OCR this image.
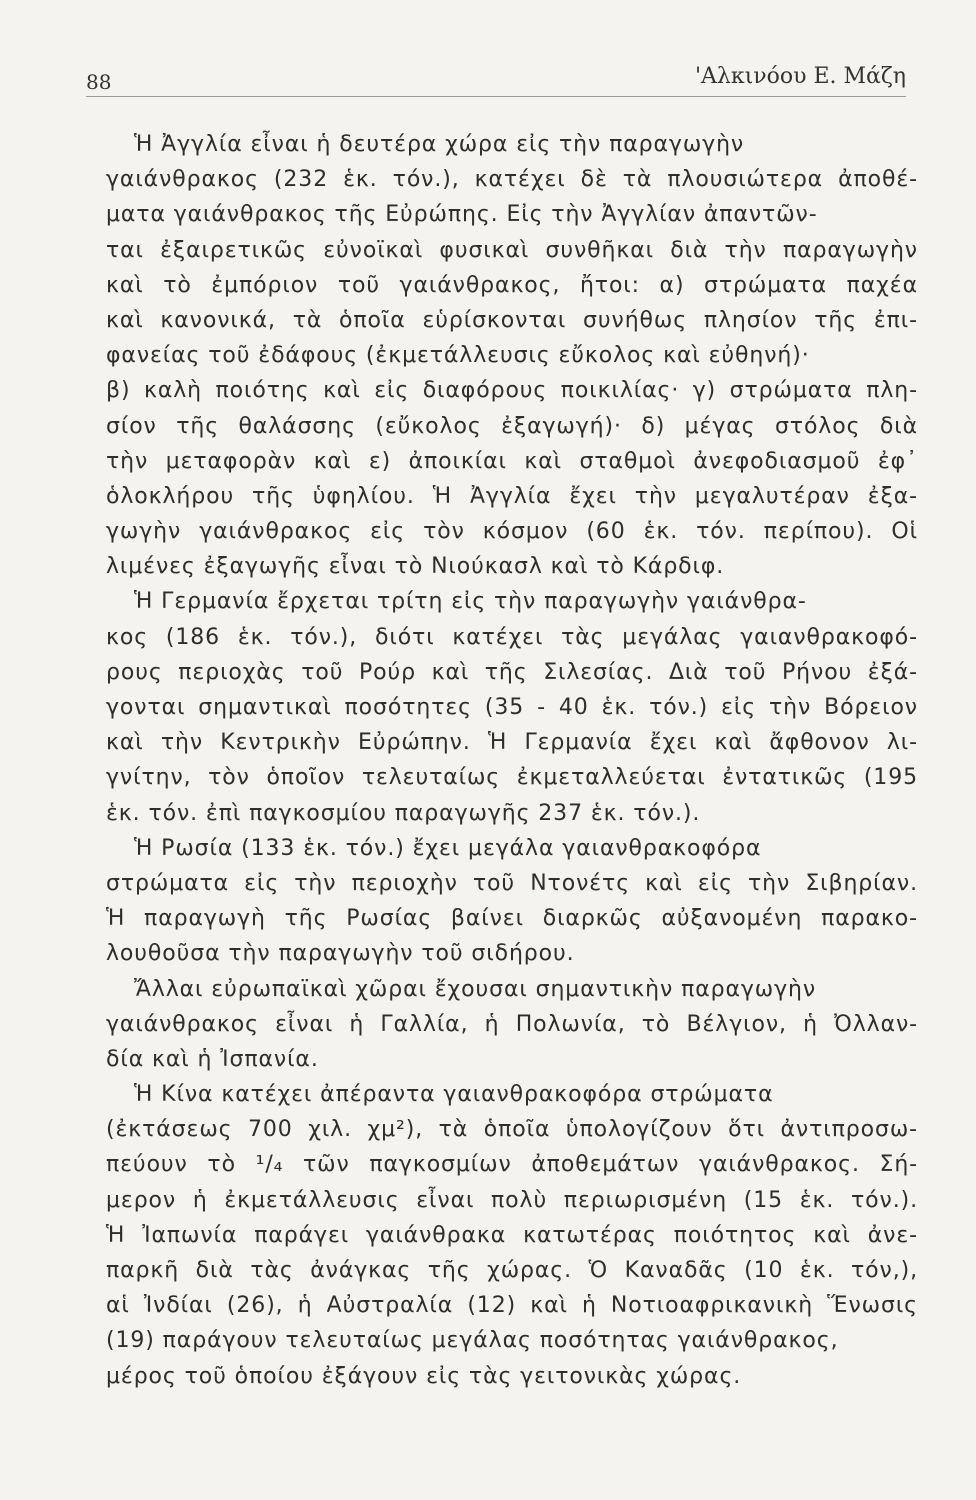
88	'Αλκινόου Ε. Μάζη
Ἡ Ἀγγλία εἶναι ἡ δευτέρα χώρα εἰς τὴν παραγωγὴν
γαιάνθρακος (232 ἑκ. τόν.), κατέχει δὲ τὰ πλουσιώτερα ἀποθέ-
ματα γαιάνθρακος τῆς Εὐρώπης. Εἰς τὴν Ἀγγλίαν ἀπαντῶν-
ται ἐξαιρετικῶς εὐνοϊκαὶ φυσικαὶ συνθῆκαι διὰ τὴν παραγωγὴν
καὶ τὸ ἐμπόριον τοῦ γαιάνθρακος, ἤτοι: α) στρώματα παχέα
καὶ κανονικά, τὰ ὁποῖα εὑρίσκονται συνήθως πλησίον τῆς ἐπι-
φανείας τοῦ ἐδάφους (ἐκμετάλλευσις εὔκολος καὶ εὐθηνή)·
β) καλὴ ποιότης καὶ εἰς διαφόρους ποικιλίας· γ) στρώματα πλη-
σίον τῆς θαλάσσης (εὔκολος ἐξαγωγή)· δ) μέγας στόλος διὰ
τὴν μεταφορὰν καὶ ε) ἀποικίαι καὶ σταθμοὶ ἀνεφοδιασμοῦ ἐφ᾿
ὁλοκλήρου τῆς ὑφηλίου. Ἡ Ἀγγλία ἔχει τὴν μεγαλυτέραν ἐξα-
γωγὴν γαιάνθρακος εἰς τὸν κόσμον (60 ἑκ. τόν. περίπου). Οἱ
λιμένες ἐξαγωγῆς εἶναι τὸ Νιούκασλ καὶ τὸ Κάρδιφ.
Ἡ Γερμανία ἔρχεται τρίτη εἰς τὴν παραγωγὴν γαιάνθρα-
κος (186 ἑκ. τόν.), διότι κατέχει τὰς μεγάλας γαιανθρακοφό-
ρους περιοχὰς τοῦ Ρούρ καὶ τῆς Σιλεσίας. Διὰ τοῦ Ρήνου ἐξά-
γονται σημαντικαὶ ποσότητες (35 - 40 ἑκ. τόν.) εἰς τὴν Βόρειον
καὶ τὴν Κεντρικὴν Εὐρώπην. Ἡ Γερμανία ἔχει καὶ ἄφθονον λι-
γνίτην, τὸν ὁποῖον τελευταίως ἐκμεταλλεύεται ἐντατικῶς (195
ἑκ. τόν. ἐπὶ παγκοσμίου παραγωγῆς 237 ἑκ. τόν.).
Ἡ Ρωσία (133 ἑκ. τόν.) ἔχει μεγάλα γαιανθρακοφόρα
στρώματα εἰς τὴν περιοχὴν τοῦ Ντονέτς καὶ εἰς τὴν Σιβηρίαν.
Ἡ παραγωγὴ τῆς Ρωσίας βαίνει διαρκῶς αὐξανομένη παρακο-
λουθοῦσα τὴν παραγωγὴν τοῦ σιδήρου.
Ἄλλαι εὐρωπαϊκαὶ χῶραι ἔχουσαι σημαντικὴν παραγωγὴν
γαιάνθρακος εἶναι ἡ Γαλλία, ἡ Πολωνία, τὸ Βέλγιον, ἡ Ὀλλαν-
δία καὶ ἡ Ἰσπανία.
Ἡ Κίνα κατέχει ἀπέραντα γαιανθρακοφόρα στρώματα
(ἐκτάσεως 700 χιλ. χμ²), τὰ ὁποῖα ὑπολογίζουν ὅτι ἀντιπροσω-
πεύουν τὸ ¹/₄ τῶν παγκοσμίων ἀποθεμάτων γαιάνθρακος. Σή-
μερον ἡ ἐκμετάλλευσις εἶναι πολὺ περιωρισμένη (15 ἑκ. τόν.).
Ἡ Ἰαπωνία παράγει γαιάνθρακα κατωτέρας ποιότητος καὶ ἀνε-
παρκῆ διὰ τὰς ἀνάγκας τῆς χώρας. Ὁ Καναδᾶς (10 ἑκ. τόν,),
αἱ Ἰνδίαι (26), ἡ Αὐστραλία (12) καὶ ἡ Νοτιοαφρικανικὴ Ἕνωσις
(19) παράγουν τελευταίως μεγάλας ποσότητας γαιάνθρακος,
μέρος τοῦ ὁποίου ἐξάγουν εἰς τὰς γειτονικὰς χώρας.
